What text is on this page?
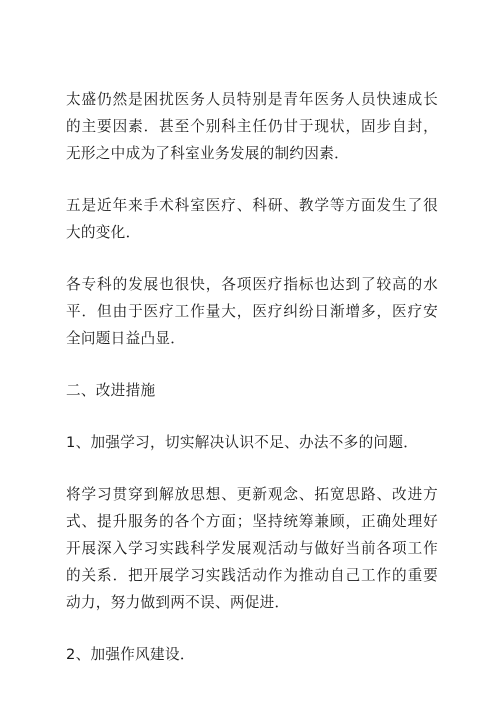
太盛仍然是困扰医务人员特别是青年医务人员快速成长的主要因素．甚至个别科主任仍甘于现状，固步自封，无形之中成为了科室业务发展的制约因素．

五是近年来手术科室医疗、科研、教学等方面发生了很大的变化．

各专科的发展也很快，各项医疗指标也达到了较高的水平．但由于医疗工作量大，医疗纠纷日渐增多，医疗安全问题日益凸显．

二、改进措施

1、加强学习，切实解决认识不足、办法不多的问题．

将学习贯穿到解放思想、更新观念、拓宽思路、改进方式、提升服务的各个方面；坚持统筹兼顾，正确处理好开展深入学习实践科学发展观活动与做好当前各项工作的关系．把开展学习实践活动作为推动自己工作的重要动力，努力做到两不误、两促进．

2、加强作风建设．
